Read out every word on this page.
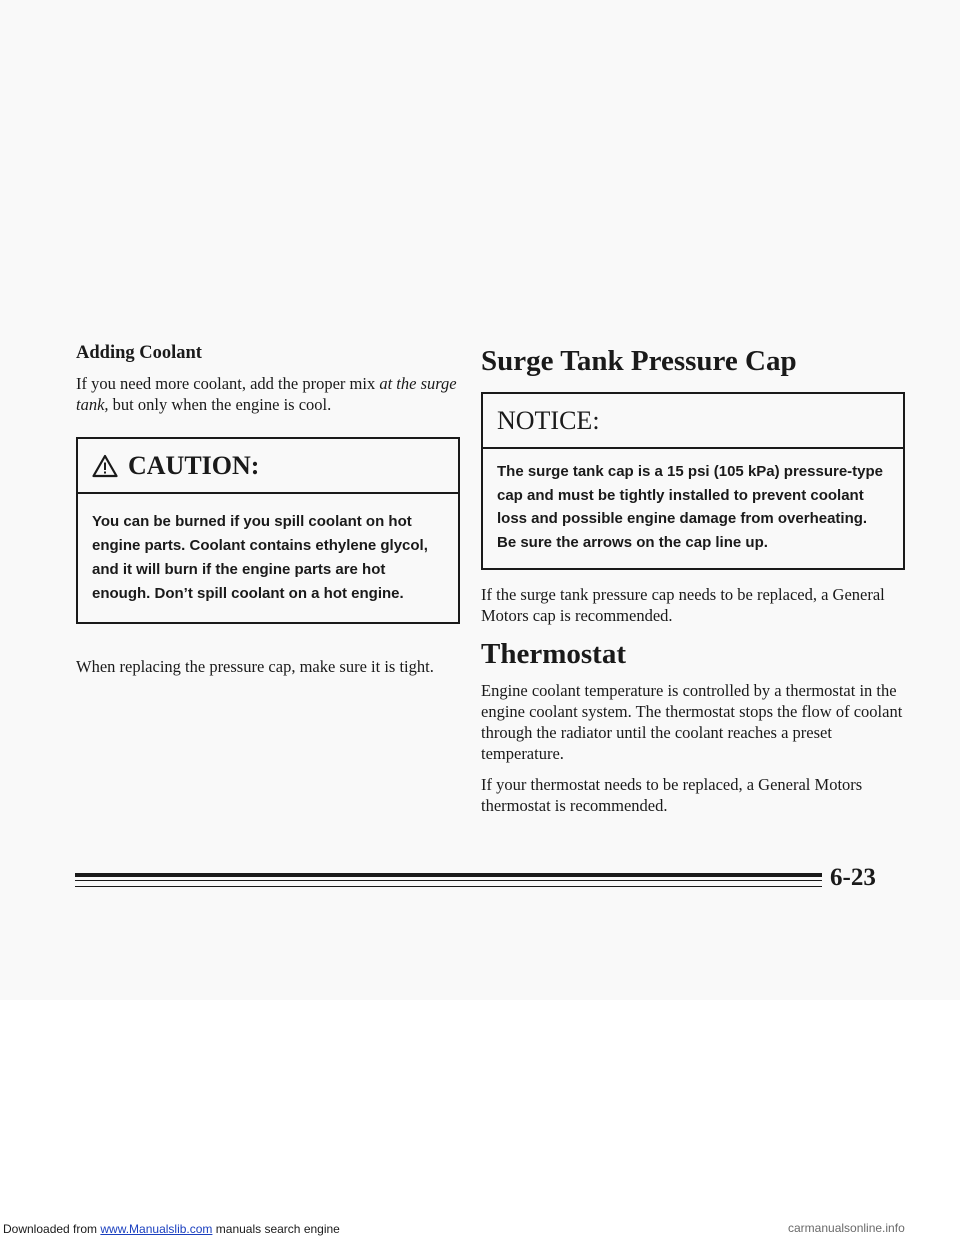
Adding Coolant

If you need more coolant, add the proper mix at the surge tank, but only when the engine is cool.

CAUTION:
You can be burned if you spill coolant on hot engine parts. Coolant contains ethylene glycol, and it will burn if the engine parts are hot enough. Don’t spill coolant on a hot engine.

When replacing the pressure cap, make sure it is tight.

Surge Tank Pressure Cap
NOTICE:
The surge tank cap is a 15 psi (105 kPa) pressure-type cap and must be tightly installed to prevent coolant loss and possible engine damage from overheating. Be sure the arrows on the cap line up.

If the surge tank pressure cap needs to be replaced, a General Motors cap is recommended.

Thermostat

Engine coolant temperature is controlled by a thermostat in the engine coolant system. The thermostat stops the flow of coolant through the radiator until the coolant reaches a preset temperature.

If your thermostat needs to be replaced, a General Motors thermostat is recommended.

6-23
Downloaded from www.Manualslib.com manuals search engine	carmanualsonline.info
